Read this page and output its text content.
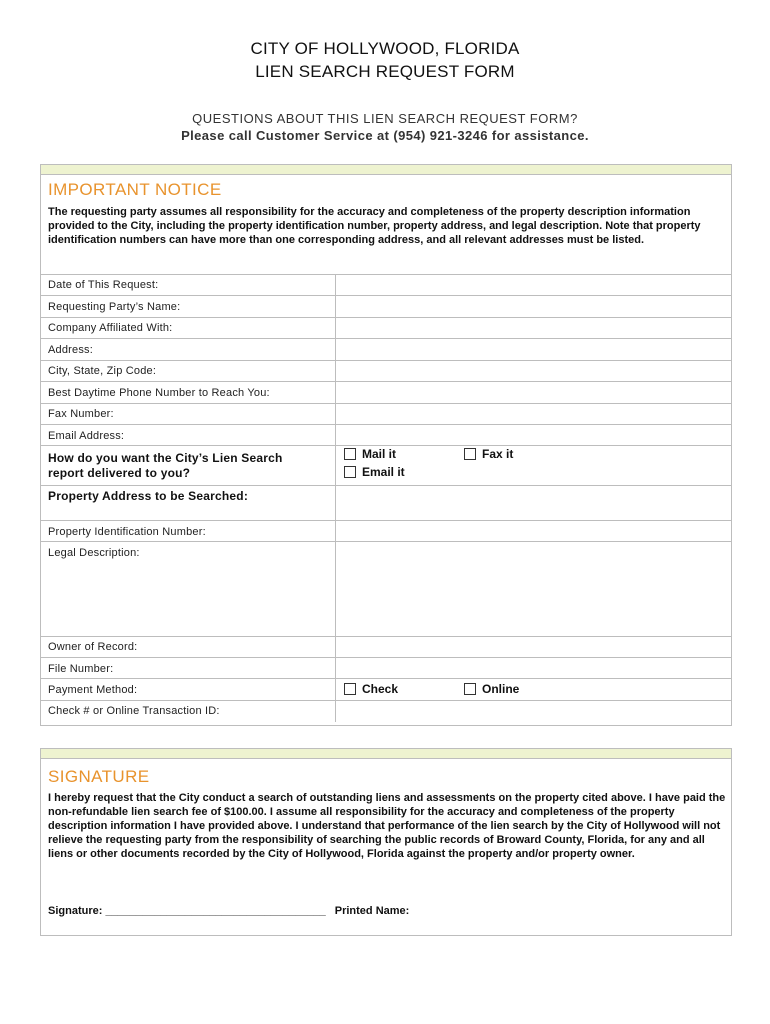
CITY OF HOLLYWOOD, FLORIDA
LIEN SEARCH REQUEST FORM
QUESTIONS ABOUT THIS LIEN SEARCH REQUEST FORM?
Please call Customer Service at (954) 921-3246 for assistance.
IMPORTANT NOTICE
The requesting party assumes all responsibility for the accuracy and completeness of the property description information provided to the City, including the property identification number, property address, and legal description. Note that property identification numbers can have more than one corresponding address, and all relevant addresses must be listed.
Date of This Request:
Requesting Party’s Name:
Company Affiliated With:
Address:
City, State, Zip Code:
Best Daytime Phone Number to Reach You:
Fax Number:
Email Address:
How do you want the City’s Lien Search report delivered to you?
Mail it	Fax it
Email it
Property Address to be Searched:
Property Identification Number:
Legal Description:
Owner of Record:
File Number:
Payment Method:	Check	Online
Check # or Online Transaction ID:
SIGNATURE
I hereby request that the City conduct a search of outstanding liens and assessments on the property cited above. I have paid the non-refundable lien search fee of $100.00. I assume all responsibility for the accuracy and completeness of the property description information I have provided above. I understand that performance of the lien search by the City of Hollywood will not relieve the requesting party from the responsibility of searching the public records of Broward County, Florida, for any and all liens or other documents recorded by the City of Hollywood, Florida against the property and/or property owner.
Signature: ____________________________________ Printed Name:
